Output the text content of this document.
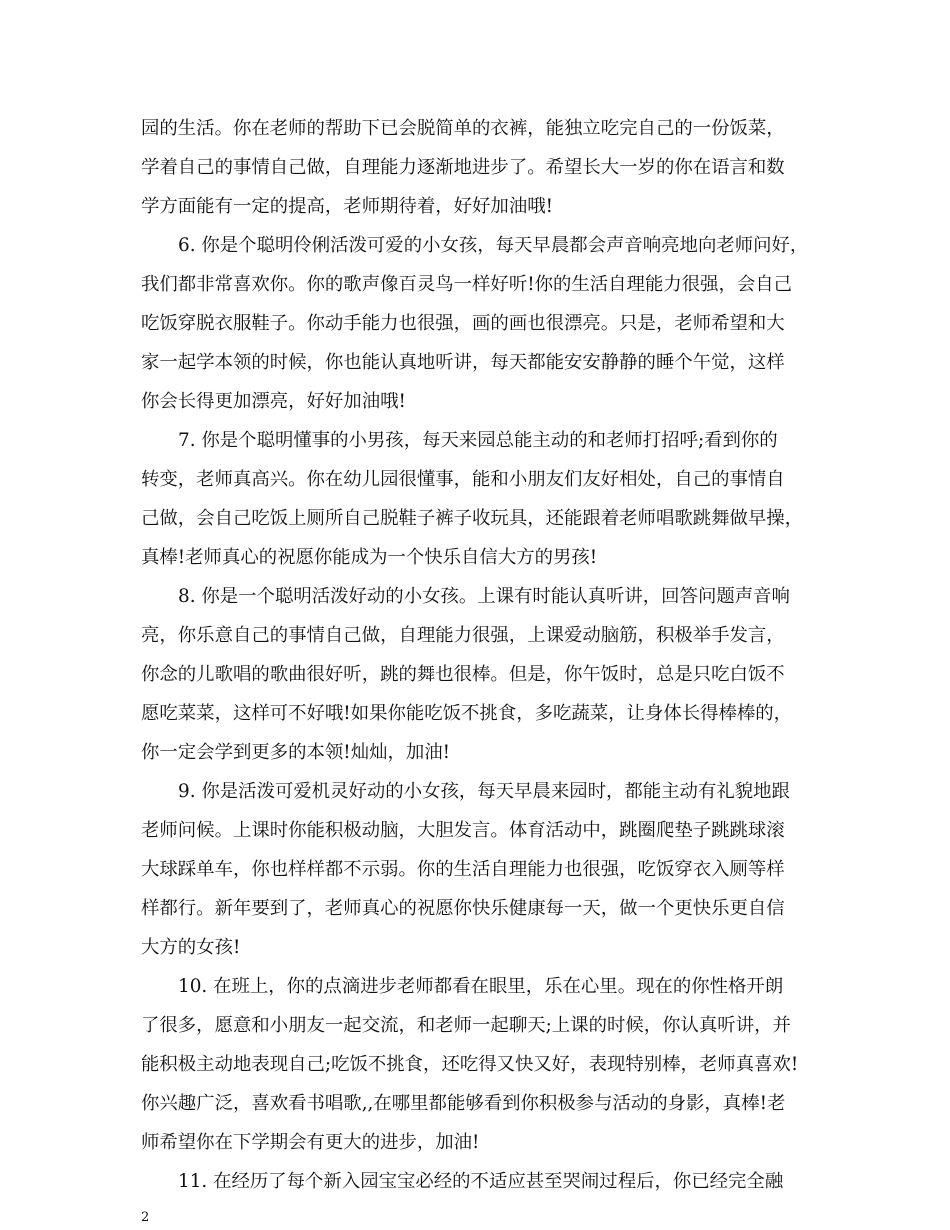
园的生活。你在老师的帮助下已会脱简单的衣裤，能独立吃完自己的一份饭菜，
学着自己的事情自己做，自理能力逐渐地进步了。希望长大一岁的你在语言和数
学方面能有一定的提高，老师期待着，好好加油哦!
6. 你是个聪明伶俐活泼可爱的小女孩，每天早晨都会声音响亮地向老师问好，
我们都非常喜欢你。你的歌声像百灵鸟一样好听!你的生活自理能力很强，会自己
吃饭穿脱衣服鞋子。你动手能力也很强，画的画也很漂亮。只是，老师希望和大
家一起学本领的时候，你也能认真地听讲，每天都能安安静静的睡个午觉，这样
你会长得更加漂亮，好好加油哦!
7. 你是个聪明懂事的小男孩，每天来园总能主动的和老师打招呼;看到你的
转变，老师真高兴。你在幼儿园很懂事，能和小朋友们友好相处，自己的事情自
己做，会自己吃饭上厕所自己脱鞋子裤子收玩具，还能跟着老师唱歌跳舞做早操，
真棒!老师真心的祝愿你能成为一个快乐自信大方的男孩!
8. 你是一个聪明活泼好动的小女孩。上课有时能认真听讲，回答问题声音响
亮，你乐意自己的事情自己做，自理能力很强，上课爱动脑筋，积极举手发言，
你念的儿歌唱的歌曲很好听，跳的舞也很棒。但是，你午饭时，总是只吃白饭不
愿吃菜菜，这样可不好哦!如果你能吃饭不挑食，多吃蔬菜，让身体长得棒棒的，
你一定会学到更多的本领!灿灿，加油!
9. 你是活泼可爱机灵好动的小女孩，每天早晨来园时，都能主动有礼貌地跟
老师问候。上课时你能积极动脑，大胆发言。体育活动中，跳圈爬垫子跳跳球滚
大球踩单车，你也样样都不示弱。你的生活自理能力也很强，吃饭穿衣入厕等样
样都行。新年要到了，老师真心的祝愿你快乐健康每一天，做一个更快乐更自信
大方的女孩!
10. 在班上，你的点滴进步老师都看在眼里，乐在心里。现在的你性格开朗
了很多，愿意和小朋友一起交流，和老师一起聊天;上课的时候，你认真听讲，并
能积极主动地表现自己;吃饭不挑食，还吃得又快又好，表现特别棒，老师真喜欢!
你兴趣广泛，喜欢看书唱歌,,在哪里都能够看到你积极参与活动的身影，真棒!老
师希望你在下学期会有更大的进步，加油!
11. 在经历了每个新入园宝宝必经的不适应甚至哭闹过程后，你已经完全融
2
